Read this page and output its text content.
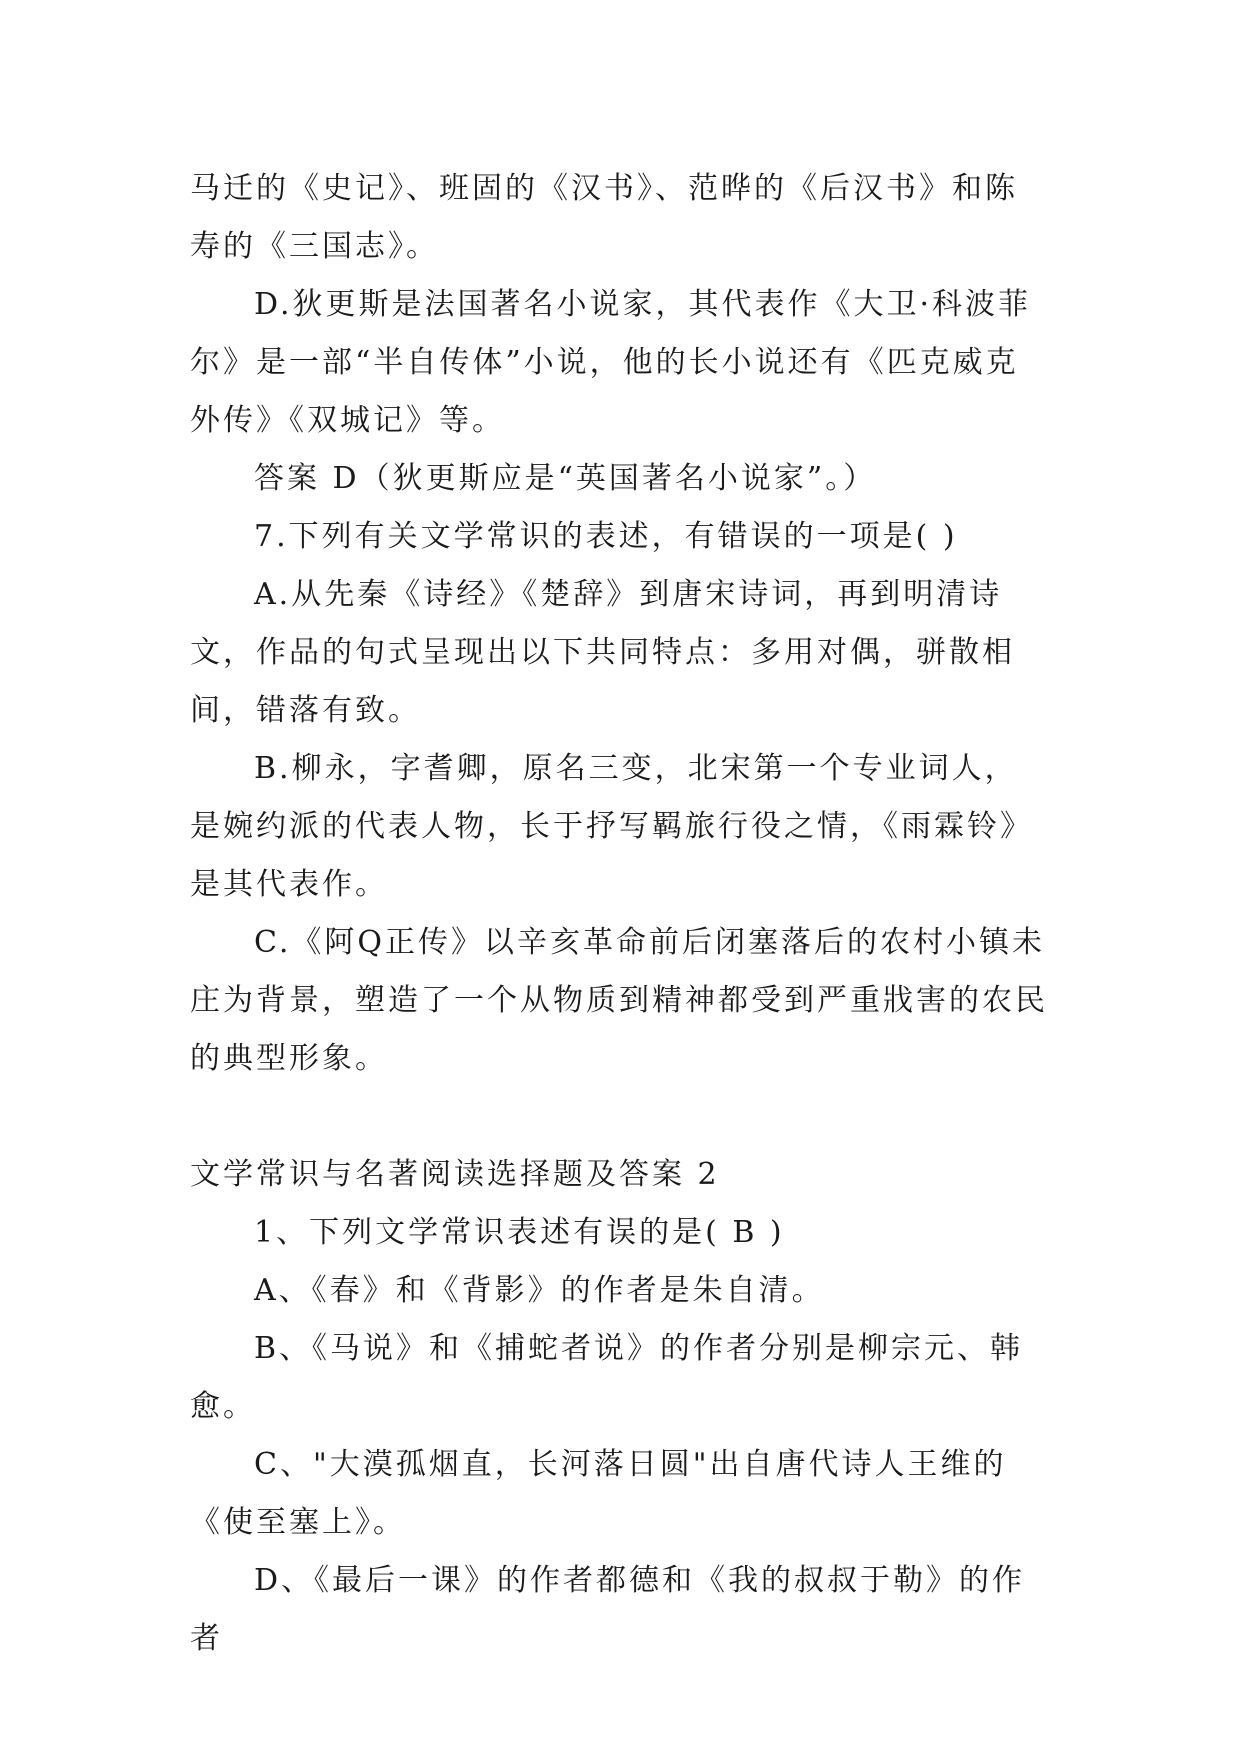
马迁的《史记》、班固的《汉书》、范晔的《后汉书》和陈寿的《三国志》。

D.狄更斯是法国著名小说家，其代表作《大卫·科波菲尔》是一部“半自传体”小说，他的长小说还有《匹克威克外传》《双城记》等。

答案 D（狄更斯应是“英国著名小说家”。）

7.下列有关文学常识的表述，有错误的一项是( )

A.从先秦《诗经》《楚辞》到唐宋诗词，再到明清诗文，作品的句式呈现出以下共同特点：多用对偶，骈散相间，错落有致。

B.柳永，字耆卿，原名三变，北宋第一个专业词人，是婉约派的代表人物，长于抒写羁旅行役之情，《雨霖铃》是其代表作。

C.《阿Q正传》以辛亥革命前后闭塞落后的农村小镇未庄为背景，塑造了一个从物质到精神都受到严重戕害的农民的典型形象。

文学常识与名著阅读选择题及答案 2

1、下列文学常识表述有误的是( B )

A、《春》和《背影》的作者是朱自清。

B、《马说》和《捕蛇者说》的作者分别是柳宗元、韩愈。

C、"大漠孤烟直，长河落日圆"出自唐代诗人王维的《使至塞上》。

D、《最后一课》的作者都德和《我的叔叔于勒》的作者
